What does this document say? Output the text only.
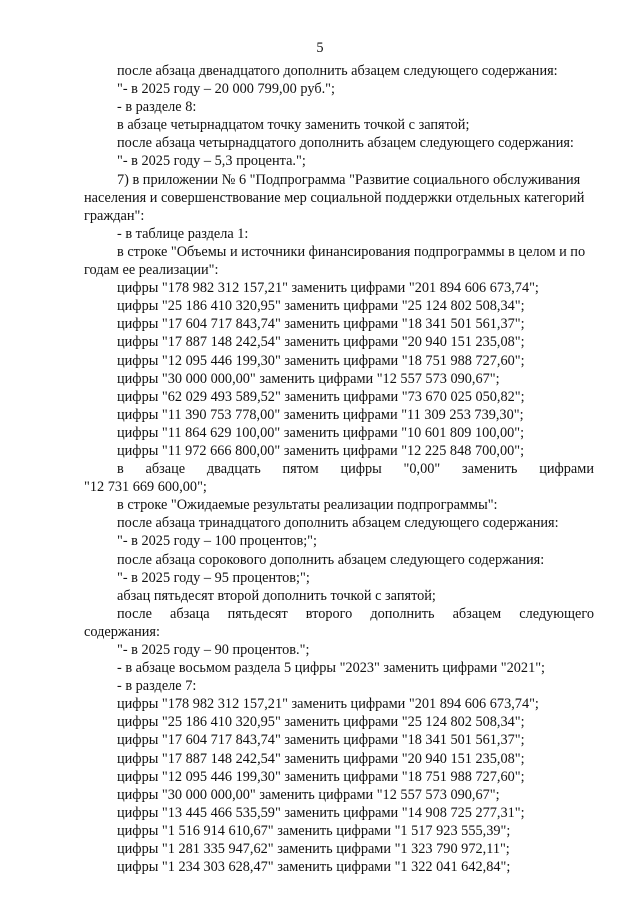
5
после абзаца двенадцатого дополнить абзацем следующего содержания:
"- в 2025 году – 20 000 799,00 руб.";
- в разделе 8:
в абзаце четырнадцатом точку заменить точкой с запятой;
после абзаца четырнадцатого дополнить абзацем следующего содержания:
"- в 2025 году – 5,3 процента.";
7) в приложении № 6 "Подпрограмма "Развитие социального обслуживания
населения и совершенствование мер социальной поддержки отдельных категорий
граждан":
- в таблице раздела 1:
в строке "Объемы и источники финансирования подпрограммы в целом и по
годам ее реализации":
цифры "178 982 312 157,21" заменить цифрами "201 894 606 673,74";
цифры "25 186 410 320,95" заменить цифрами "25 124 802 508,34";
цифры "17 604 717 843,74" заменить цифрами "18 341 501 561,37";
цифры "17 887 148 242,54" заменить цифрами "20 940 151 235,08";
цифры "12 095 446 199,30" заменить цифрами "18 751 988 727,60";
цифры "30 000 000,00" заменить цифрами "12 557 573 090,67";
цифры "62 029 493 589,52" заменить цифрами "73 670 025 050,82";
цифры "11 390 753 778,00" заменить цифрами "11 309 253 739,30";
цифры "11 864 629 100,00" заменить цифрами "10 601 809 100,00";
цифры "11 972 666 800,00" заменить цифрами "12 225 848 700,00";
в абзаце двадцать пятом цифры "0,00" заменить цифрами
"12 731 669 600,00";
в строке "Ожидаемые результаты реализации подпрограммы":
после абзаца тринадцатого дополнить абзацем следующего содержания:
"- в 2025 году – 100 процентов;";
после абзаца сорокового дополнить абзацем следующего содержания:
"- в 2025 году – 95 процентов;";
абзац пятьдесят второй дополнить точкой с запятой;
после абзаца пятьдесят второго дополнить абзацем следующего
содержания:
"- в 2025 году – 90 процентов.";
- в абзаце восьмом раздела 5 цифры "2023" заменить цифрами "2021";
- в разделе 7:
цифры "178 982 312 157,21" заменить цифрами "201 894 606 673,74";
цифры "25 186 410 320,95" заменить цифрами "25 124 802 508,34";
цифры "17 604 717 843,74" заменить цифрами "18 341 501 561,37";
цифры "17 887 148 242,54" заменить цифрами "20 940 151 235,08";
цифры "12 095 446 199,30" заменить цифрами "18 751 988 727,60";
цифры "30 000 000,00" заменить цифрами "12 557 573 090,67";
цифры "13 445 466 535,59" заменить цифрами "14 908 725 277,31";
цифры "1 516 914 610,67" заменить цифрами "1 517 923 555,39";
цифры "1 281 335 947,62" заменить цифрами "1 323 790 972,11";
цифры "1 234 303 628,47" заменить цифрами "1 322 041 642,84";
